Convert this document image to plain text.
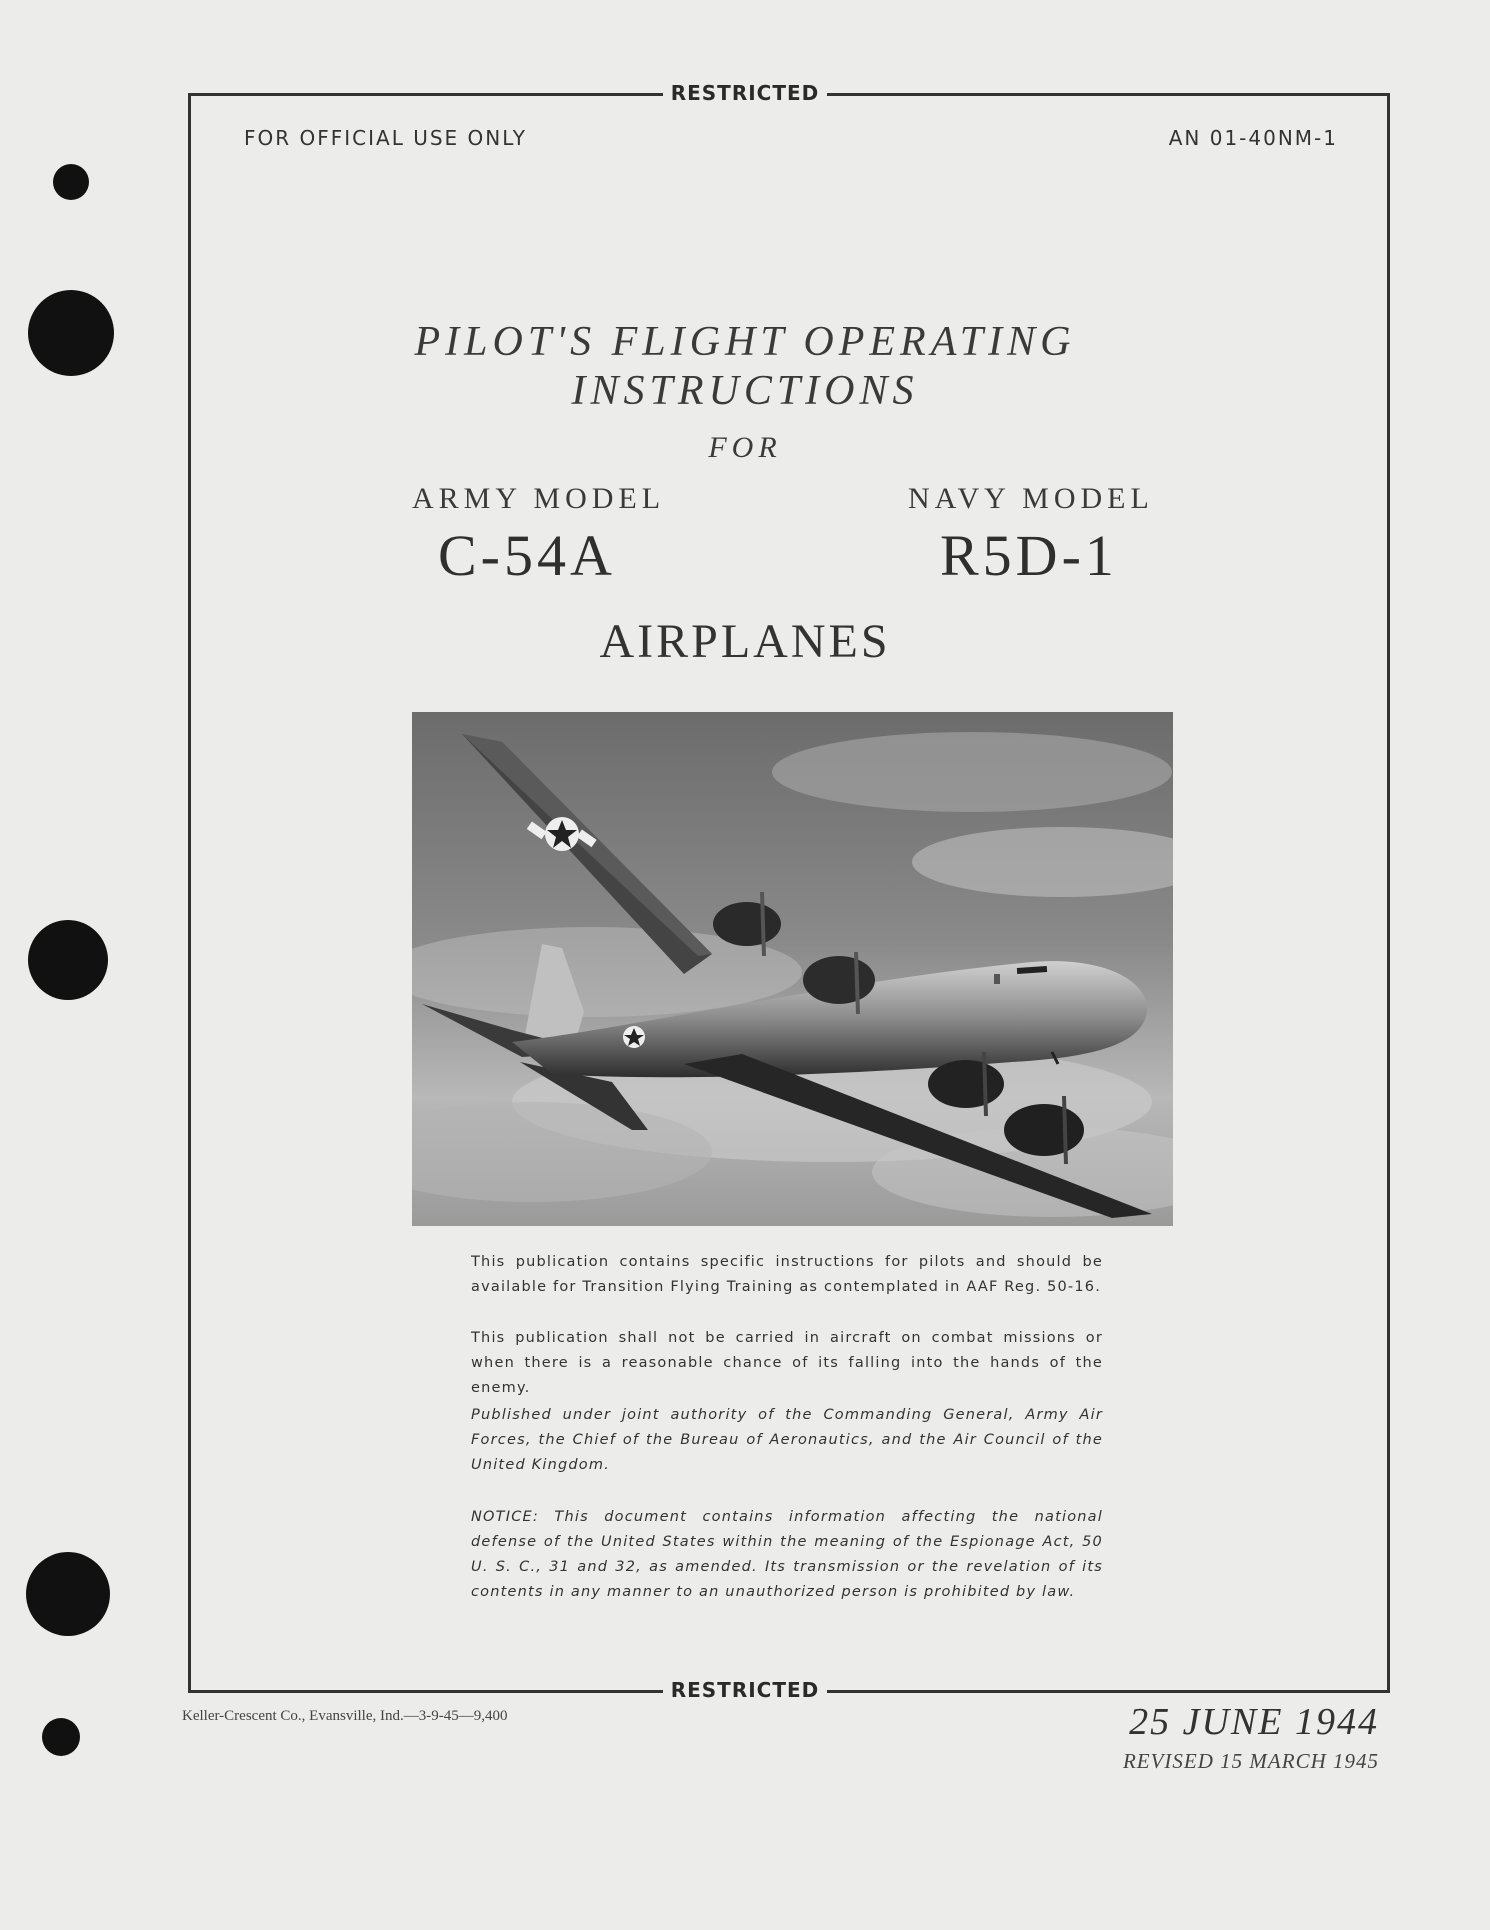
RESTRICTED
FOR OFFICIAL USE ONLY	AN 01-40NM-1
PILOT'S FLIGHT OPERATING
INSTRUCTIONS
FOR
ARMY MODEL	NAVY MODEL
C-54A	R5D-1
AIRPLANES
This publication contains specific instructions for pilots and should be available for Transition Flying Training as contemplated in AAF Reg. 50-16.
This publication shall not be carried in aircraft on combat missions or when there is a reasonable chance of its falling into the hands of the enemy.
Published under joint authority of the Commanding General, Army Air Forces, the Chief of the Bureau of Aeronautics, and the Air Council of the United Kingdom.
NOTICE: This document contains information affecting the national defense of the United States within the meaning of the Espionage Act, 50 U. S. C., 31 and 32, as amended. Its transmission or the revelation of its contents in any manner to an unauthorized person is prohibited by law.
RESTRICTED
Keller-Crescent Co., Evansville, Ind.—3-9-45—9,400	25 JUNE 1944
REVISED 15 MARCH 1945
